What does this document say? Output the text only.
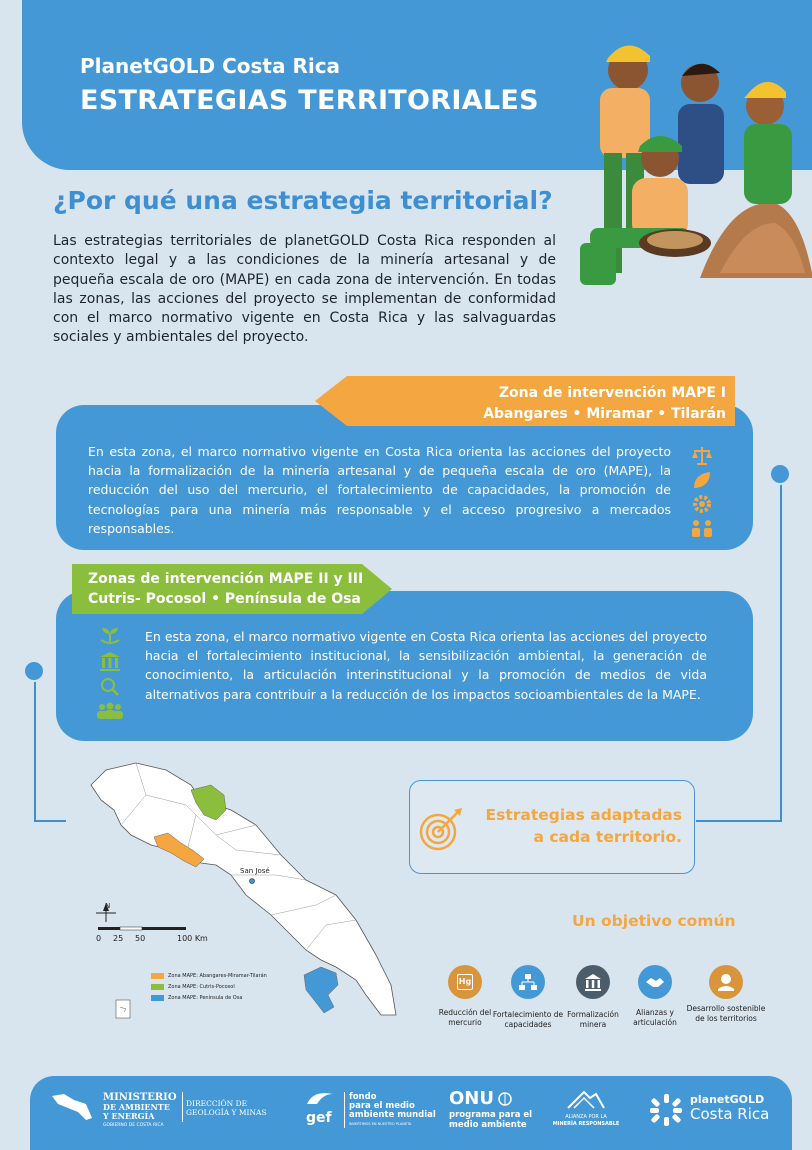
PlanetGOLD Costa Rica
ESTRATEGIAS TERRITORIALES
¿Por qué una estrategia territorial?
Las estrategias territoriales de planetGOLD Costa Rica responden al contexto legal y a las condiciones de la minería artesanal y de pequeña escala de oro (MAPE) en cada zona de intervención. En todas las zonas, las acciones del proyecto se implementan de conformidad con el marco normativo vigente en Costa Rica y las salvaguardas sociales y ambientales del proyecto.
Zona de intervención MAPE I
Abangares • Miramar • Tilarán
En esta zona, el marco normativo vigente en Costa Rica orienta las acciones del proyecto hacia la formalización de la minería artesanal y de pequeña escala de oro (MAPE), la reducción del uso del mercurio, el fortalecimiento de capacidades, la promoción de tecnologías para una minería más responsable y el acceso progresivo a mercados responsables.
Zonas de intervención MAPE II y III
Cutris- Pocosol • Península de Osa
En esta zona, el marco normativo vigente en Costa Rica orienta las acciones del proyecto hacia el fortalecimiento institucional, la sensibilización ambiental, la generación de conocimiento, la articulación interinstitucional y la promoción de medios de vida alternativos para contribuir a la reducción de los impactos socioambientales de la MAPE.
San José
N
0 25 50	100 Km
Zona MAPE: Abangares-Miramar-Tilarán
Zona MAPE: Cutris-Pocosol
Zona MAPE: Península de Osa
Estrategias adaptadas
a cada territorio.
Un objetivo común
Hg
Reducción del mercurio
Fortalecimiento de capacidades
Formalización minera
Alianzas y articulación
Desarrollo sostenible de los territorios
MINISTERIO
DE AMBIENTE
Y ENERGÍA
GOBIERNO DE COSTA RICA
DIRECCIÓN DE
GEOLOGÍA Y MINAS	gef
fondo
para el medio
ambiente mundial
INVERTIMOS EN NUESTRO PLANETA
ONU
programa para el
medio ambiente
ALIANZA POR LA
MINERÍA RESPONSABLE
planetGOLD
Costa Rica
